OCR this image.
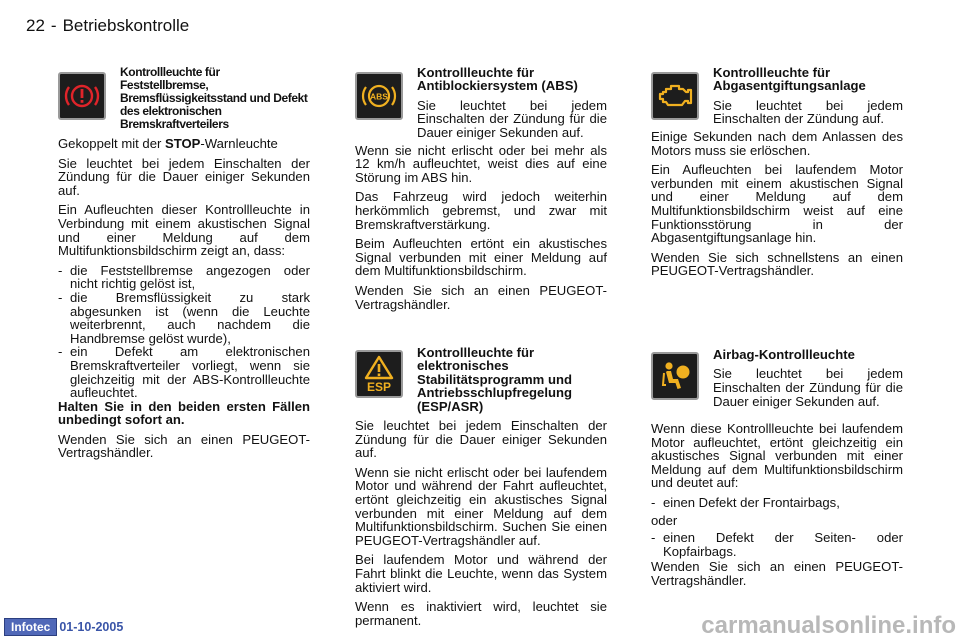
22 - Betriebskontrolle
Kontrollleuchte für Feststellbremse, Bremsflüssigkeitsstand und Defekt des elektronischen Bremskraftverteilers

Gekoppelt mit der STOP-Warnleuchte

Sie leuchtet bei jedem Einschalten der Zündung für die Dauer einiger Sekunden auf.

Ein Aufleuchten dieser Kontrollleuchte in Verbindung mit einem akustischen Signal und einer Meldung auf dem Multifunktionsbildschirm zeigt an, dass:

- die Feststellbremse angezogen oder nicht richtig gelöst ist,
- die Bremsflüssigkeit zu stark abgesunken ist (wenn die Leuchte weiterbrennt, auch nachdem die Handbremse gelöst wurde),
- ein Defekt am elektronischen Bremskraftverteiler vorliegt, wenn sie gleichzeitig mit der ABS-Kontrollleuchte aufleuchtet.

Halten Sie in den beiden ersten Fällen unbedingt sofort an.

Wenden Sie sich an einen PEUGEOT-Vertragshändler.

ABS
Kontrollleuchte für Antiblockiersystem (ABS)
Sie leuchtet bei jedem Einschalten der Zündung für die Dauer einiger Sekunden auf.

Wenn sie nicht erlischt oder bei mehr als 12 km/h aufleuchtet, weist dies auf eine Störung im ABS hin.

Das Fahrzeug wird jedoch weiterhin herkömmlich gebremst, und zwar mit Bremskraftverstärkung.

Beim Aufleuchten ertönt ein akustisches Signal verbunden mit einer Meldung auf dem Multifunktionsbildschirm.

Wenden Sie sich an einen PEUGEOT-Vertragshändler.

ESP
Kontrollleuchte für elektronisches Stabilitätsprogramm und Antriebsschlupfregelung (ESP/ASR)

Sie leuchtet bei jedem Einschalten der Zündung für die Dauer einiger Sekunden auf.

Wenn sie nicht erlischt oder bei laufendem Motor und während der Fahrt aufleuchtet, ertönt gleichzeitig ein akustisches Signal verbunden mit einer Meldung auf dem Multifunktionsbildschirm. Suchen Sie einen PEUGEOT-Vertragshändler auf.

Bei laufendem Motor und während der Fahrt blinkt die Leuchte, wenn das System aktiviert wird.

Wenn es inaktiviert wird, leuchtet sie permanent.

Kontrollleuchte für Abgasentgiftungsanlage
Sie leuchtet bei jedem Einschalten der Zündung auf.

Einige Sekunden nach dem Anlassen des Motors muss sie erlöschen.

Ein Aufleuchten bei laufendem Motor verbunden mit einem akustischen Signal und einer Meldung auf dem Multifunktionsbildschirm weist auf eine Funktionsstörung in der Abgasentgiftungsanlage hin.

Wenden Sie sich schnellstens an einen PEUGEOT-Vertragshändler.

Airbag-Kontrollleuchte
Sie leuchtet bei jedem Einschalten der Zündung für die Dauer einiger Sekunden auf.

Wenn diese Kontrollleuchte bei laufendem Motor aufleuchtet, ertönt gleichzeitig ein akustisches Signal verbunden mit einer Meldung auf dem Multifunktionsbildschirm und deutet auf:

- einen Defekt der Frontairbags,

oder

- einen Defekt der Seiten- oder Kopfairbags.

Wenden Sie sich an einen PEUGEOT-Vertragshändler.

Infotec 01-10-2005	carmanualsonline.info
